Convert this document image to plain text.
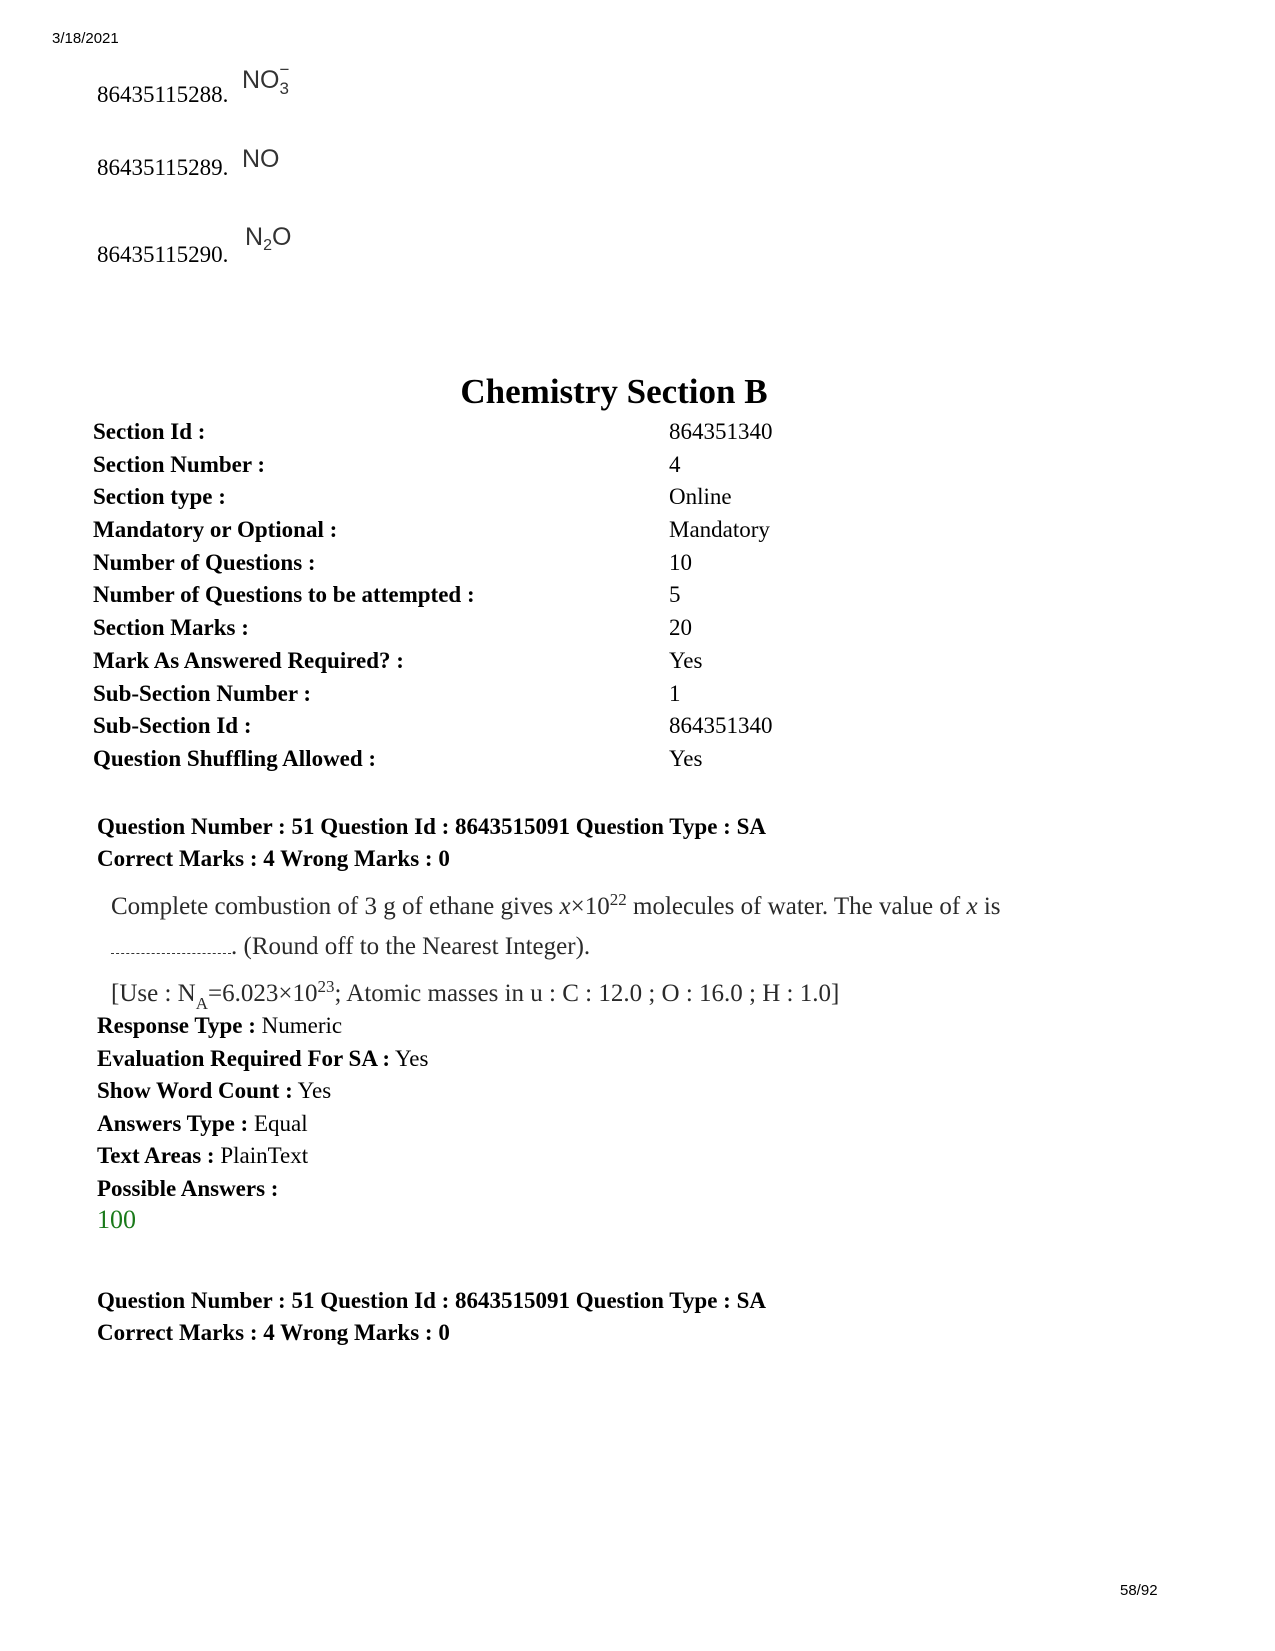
3/18/2021
86435115288.
NO −
3
86435115289. NO
86435115290.
$N_2O$
Chemistry Section B
Section Id :	864351340
Section Number :	4
Section type :	Online
Mandatory or Optional :	Mandatory
Number of Questions :	10
Number of Questions to be attempted :	5
Section Marks :	20
Mark As Answered Required? :	Yes
Sub-Section Number :	1
Sub-Section Id :	864351340
Question Shuffling Allowed :	Yes
Question Number : 51 Question Id : 8643515091 Question Type : SA
Correct Marks : 4 Wrong Marks : 0
Complete combustion of 3 g of ethane gives $x\times 10^{22}$ molecules of water. The value of x is
. (Round off to the Nearest Integer).
[Use : $N_A=6.023\times 10^{23}$; Atomic masses in u : C : 12.0 ; O : 16.0 ; H : 1.0]
Response Type : Numeric
Evaluation Required For SA : Yes
Show Word Count : Yes
Answers Type : Equal
Text Areas : PlainText
Possible Answers :
100
Question Number : 51 Question Id : 8643515091 Question Type : SA
Correct Marks : 4 Wrong Marks : 0
58/92
